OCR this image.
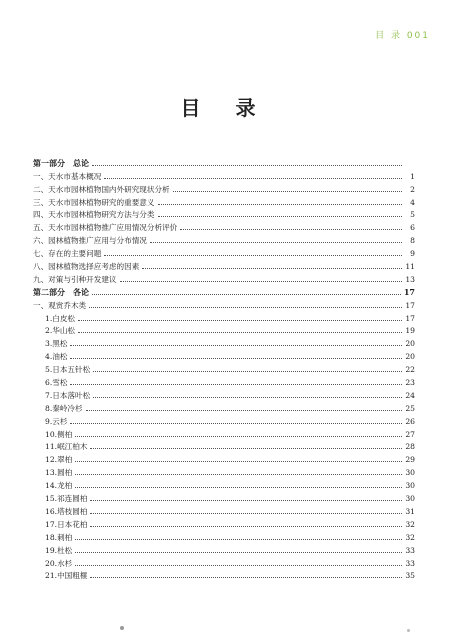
目 录 001
目 录
第一部分　总论
一、天水市基本概况	1
二、天水市园林植物国内外研究现状分析	2
三、天水市园林植物研究的重要意义	4
四、天水市园林植物研究方法与分类	5
五、天水市园林植物推广应用情况分析评价	6
六、园林植物推广应用与分布情况	8
七、存在的主要问题	9
八、园林植物选择应考虑的因素	11
九、对策与引种开发建议	13
第二部分　各论	17
一、观赏乔木类	17
1.白皮松	17
2.华山松	19
3.黑松	20
4.油松	20
5.日本五针松	22
6.雪松	23
7.日本落叶松	24
8.秦岭冷杉	25
9.云杉	26
10.侧柏	27
11.岷江柏木	28
12.翠柏	29
13.圆柏	30
14.龙柏	30
15.祁连圆柏	30
16.塔枝圆柏	31
17.日本花柏	32
18.刺柏	32
19.杜松	33
20.水杉	33
21.中国粗榧	35
